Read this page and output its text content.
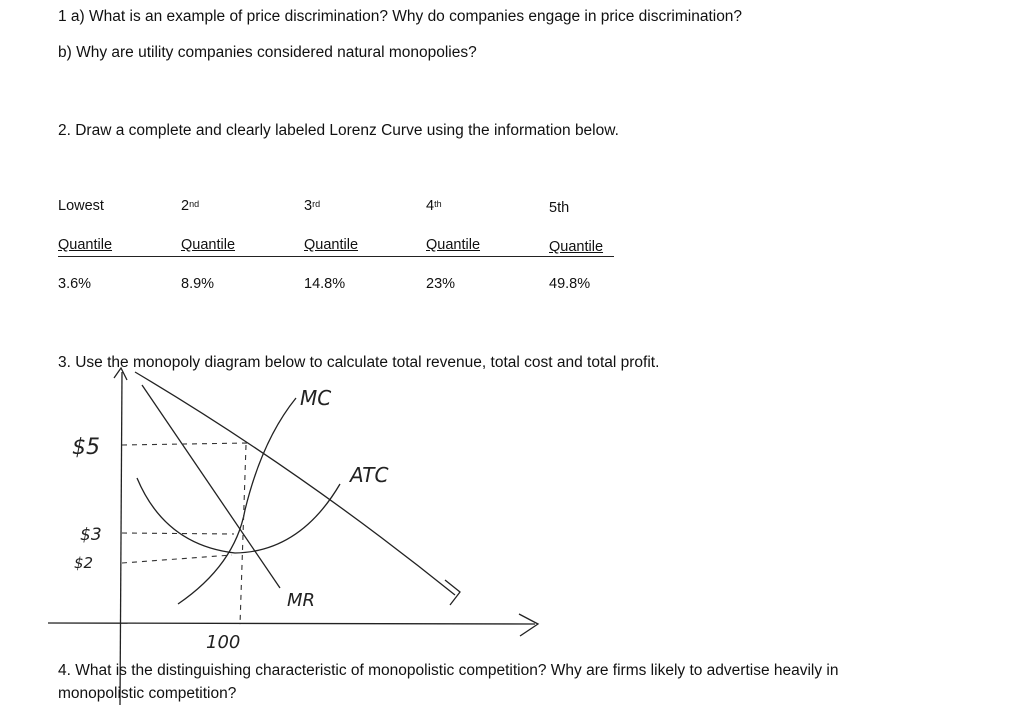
1 a) What is an example of price discrimination? Why do companies engage in price discrimination?
b) Why are utility companies considered natural monopolies?
2. Draw a complete and clearly labeled Lorenz Curve using the information below.
Lowest	2nd	3rd	4th	5th
Quantile	Quantile	Quantile	Quantile	Quantile
3.6%	8.9%	14.8%	23%	49.8%
3. Use the monopoly diagram below to calculate total revenue, total cost and total profit.
MC
ATC
MR
$5
$3
$2
100
4. What is the distinguishing characteristic of monopolistic competition? Why are firms likely to advertise heavily in
monopolistic competition?
